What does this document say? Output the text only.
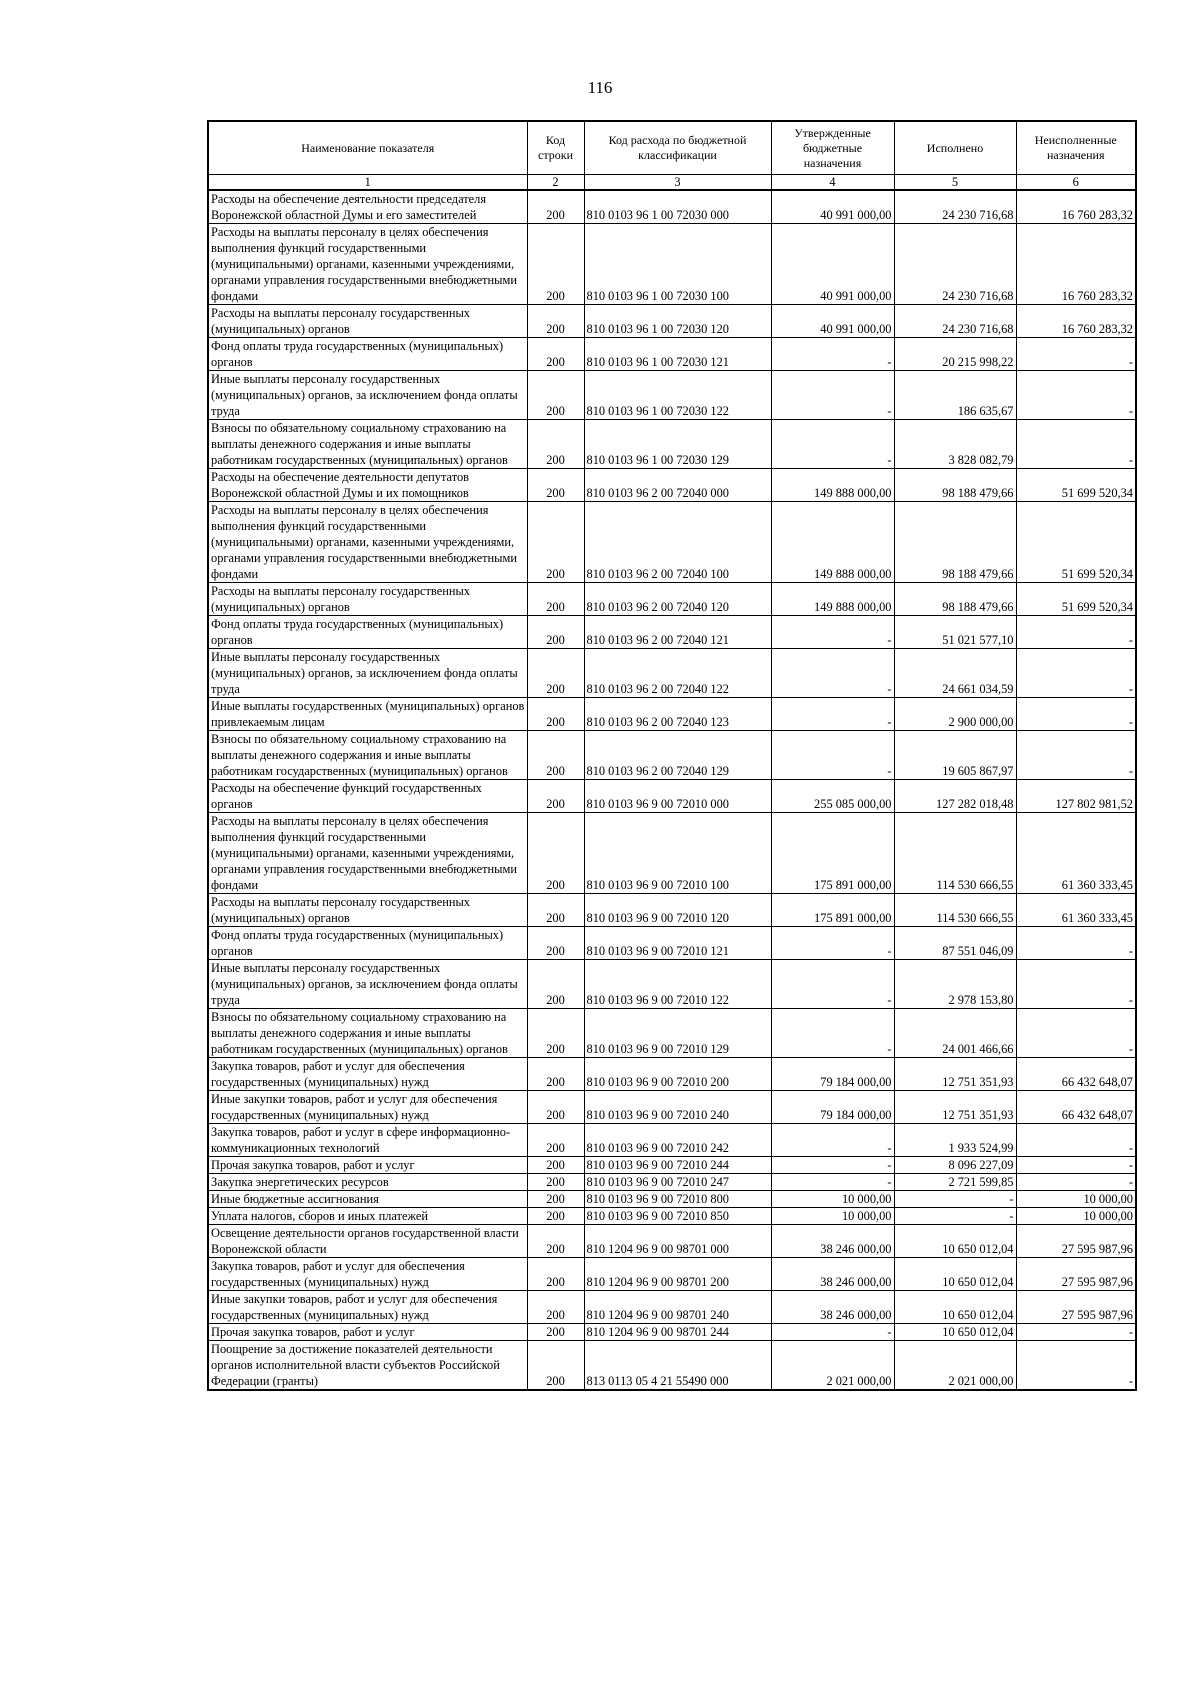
116
Наименование показателя	Код строки	Код расхода по бюджетной классификации	Утвержденные бюджетные назначения	Исполнено	Неисполненные назначения
1	2	3	4	5	6
Расходы на обеспечение деятельности председателя Воронежской областной Думы и его заместителей	200	810 0103 96 1 00 72030 000	40 991 000,00	24 230 716,68	16 760 283,32
Расходы на выплаты персоналу в целях обеспечения выполнения функций государственными (муниципальными) органами, казенными учреждениями, органами управления государственными внебюджетными фондами	200	810 0103 96 1 00 72030 100	40 991 000,00	24 230 716,68	16 760 283,32
Расходы на выплаты персоналу государственных (муниципальных) органов	200	810 0103 96 1 00 72030 120	40 991 000,00	24 230 716,68	16 760 283,32
Фонд оплаты труда государственных (муниципальных) органов	200	810 0103 96 1 00 72030 121	-	20 215 998,22	-
Иные выплаты персоналу государственных (муниципальных) органов, за исключением фонда оплаты труда	200	810 0103 96 1 00 72030 122	-	186 635,67	-
Взносы по обязательному социальному страхованию на выплаты денежного содержания и иные выплаты работникам государственных (муниципальных) органов	200	810 0103 96 1 00 72030 129	-	3 828 082,79	-
Расходы на обеспечение деятельности депутатов Воронежской областной Думы и их помощников	200	810 0103 96 2 00 72040 000	149 888 000,00	98 188 479,66	51 699 520,34
Расходы на выплаты персоналу в целях обеспечения выполнения функций государственными (муниципальными) органами, казенными учреждениями, органами управления государственными внебюджетными фондами	200	810 0103 96 2 00 72040 100	149 888 000,00	98 188 479,66	51 699 520,34
Расходы на выплаты персоналу государственных (муниципальных) органов	200	810 0103 96 2 00 72040 120	149 888 000,00	98 188 479,66	51 699 520,34
Фонд оплаты труда государственных (муниципальных) органов	200	810 0103 96 2 00 72040 121	-	51 021 577,10	-
Иные выплаты персоналу государственных (муниципальных) органов, за исключением фонда оплаты труда	200	810 0103 96 2 00 72040 122	-	24 661 034,59	-
Иные выплаты государственных (муниципальных) органов привлекаемым лицам	200	810 0103 96 2 00 72040 123	-	2 900 000,00	-
Взносы по обязательному социальному страхованию на выплаты денежного содержания и иные выплаты работникам государственных (муниципальных) органов	200	810 0103 96 2 00 72040 129	-	19 605 867,97	-
Расходы на обеспечение функций государственных органов	200	810 0103 96 9 00 72010 000	255 085 000,00	127 282 018,48	127 802 981,52
Расходы на выплаты персоналу в целях обеспечения выполнения функций государственными (муниципальными) органами, казенными учреждениями, органами управления государственными внебюджетными фондами	200	810 0103 96 9 00 72010 100	175 891 000,00	114 530 666,55	61 360 333,45
Расходы на выплаты персоналу государственных (муниципальных) органов	200	810 0103 96 9 00 72010 120	175 891 000,00	114 530 666,55	61 360 333,45
Фонд оплаты труда государственных (муниципальных) органов	200	810 0103 96 9 00 72010 121	-	87 551 046,09	-
Иные выплаты персоналу государственных (муниципальных) органов, за исключением фонда оплаты труда	200	810 0103 96 9 00 72010 122	-	2 978 153,80	-
Взносы по обязательному социальному страхованию на выплаты денежного содержания и иные выплаты работникам государственных (муниципальных) органов	200	810 0103 96 9 00 72010 129	-	24 001 466,66	-
Закупка товаров, работ и услуг для обеспечения государственных (муниципальных) нужд	200	810 0103 96 9 00 72010 200	79 184 000,00	12 751 351,93	66 432 648,07
Иные закупки товаров, работ и услуг для обеспечения государственных (муниципальных) нужд	200	810 0103 96 9 00 72010 240	79 184 000,00	12 751 351,93	66 432 648,07
Закупка товаров, работ и услуг в сфере информационно-коммуникационных технологий	200	810 0103 96 9 00 72010 242	-	1 933 524,99	-
Прочая закупка товаров, работ и услуг	200	810 0103 96 9 00 72010 244	-	8 096 227,09	-
Закупка энергетических ресурсов	200	810 0103 96 9 00 72010 247	-	2 721 599,85	-
Иные бюджетные ассигнования	200	810 0103 96 9 00 72010 800	10 000,00	-	10 000,00
Уплата налогов, сборов и иных платежей	200	810 0103 96 9 00 72010 850	10 000,00	-	10 000,00
Освещение деятельности органов государственной власти Воронежской области	200	810 1204 96 9 00 98701 000	38 246 000,00	10 650 012,04	27 595 987,96
Закупка товаров, работ и услуг для обеспечения государственных (муниципальных) нужд	200	810 1204 96 9 00 98701 200	38 246 000,00	10 650 012,04	27 595 987,96
Иные закупки товаров, работ и услуг для обеспечения государственных (муниципальных) нужд	200	810 1204 96 9 00 98701 240	38 246 000,00	10 650 012,04	27 595 987,96
Прочая закупка товаров, работ и услуг	200	810 1204 96 9 00 98701 244	-	10 650 012,04	-
Поощрение за достижение показателей деятельности органов исполнительной власти субъектов Российской Федерации (гранты)	200	813 0113 05 4 21 55490 000	2 021 000,00	2 021 000,00	-
